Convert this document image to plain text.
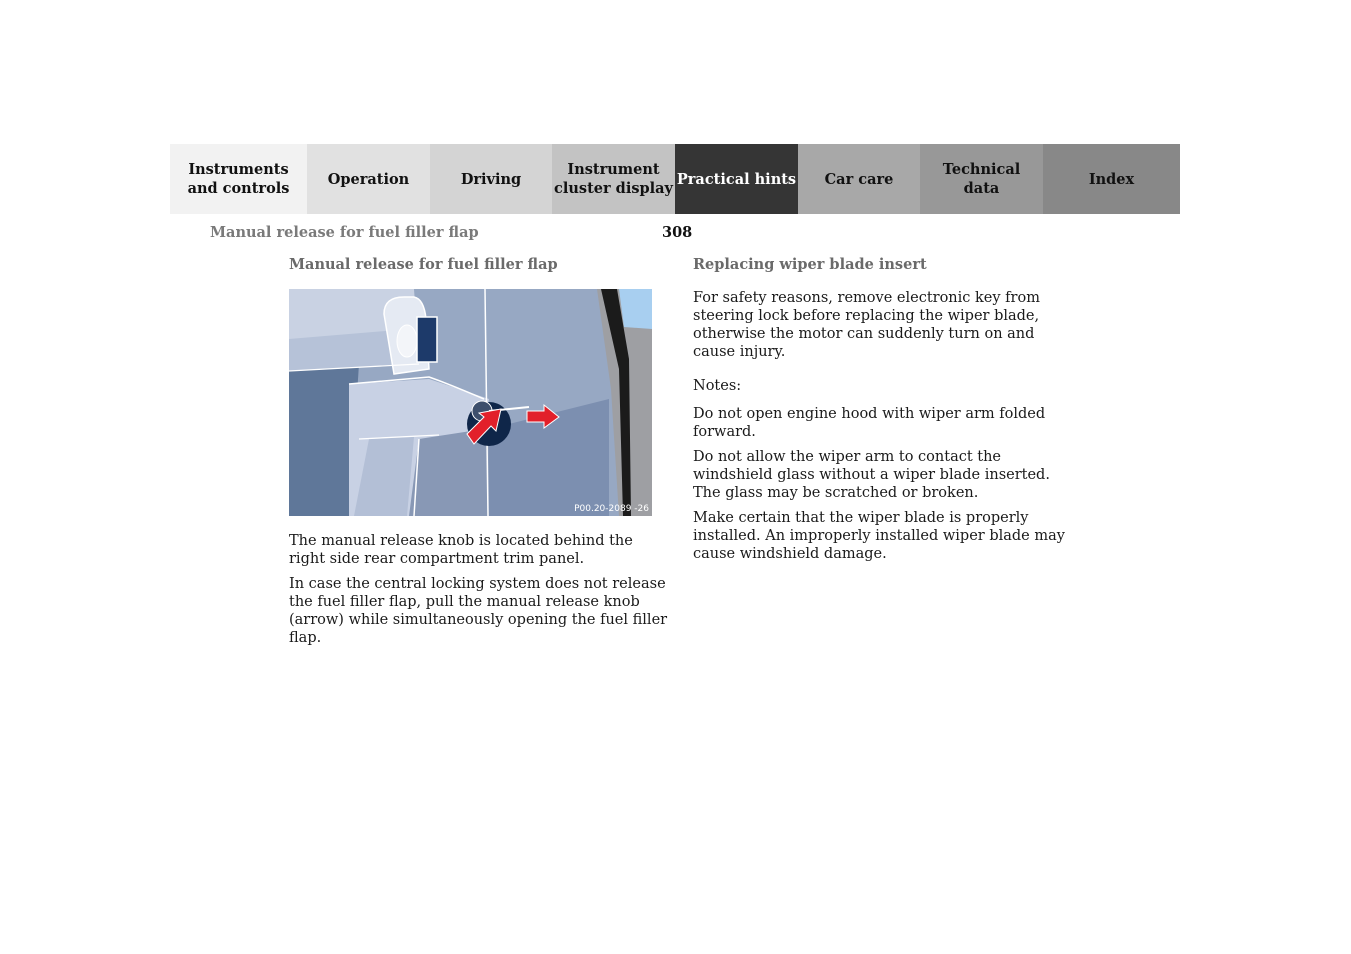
Instruments
and controls
Operation	Driving
Instrument
cluster display
Practical hints	Car care
Technical
data
Index
Manual release for fuel filler flap	308
Manual release for fuel filler flap
P00.20-2089 -26

The manual release knob is located behind the right side rear compartment trim panel.

In case the central locking system does not release the fuel filler flap, pull the manual release knob (arrow) while simultaneously opening the fuel filler flap.

Replacing wiper blade insert

For safety reasons, remove electronic key from steering lock before replacing the wiper blade, otherwise the motor can suddenly turn on and cause injury.

Notes:

Do not open engine hood with wiper arm folded forward.

Do not allow the wiper arm to contact the windshield glass without a wiper blade inserted. The glass may be scratched or broken.

Make certain that the wiper blade is properly installed. An improperly installed wiper blade may cause windshield damage.
